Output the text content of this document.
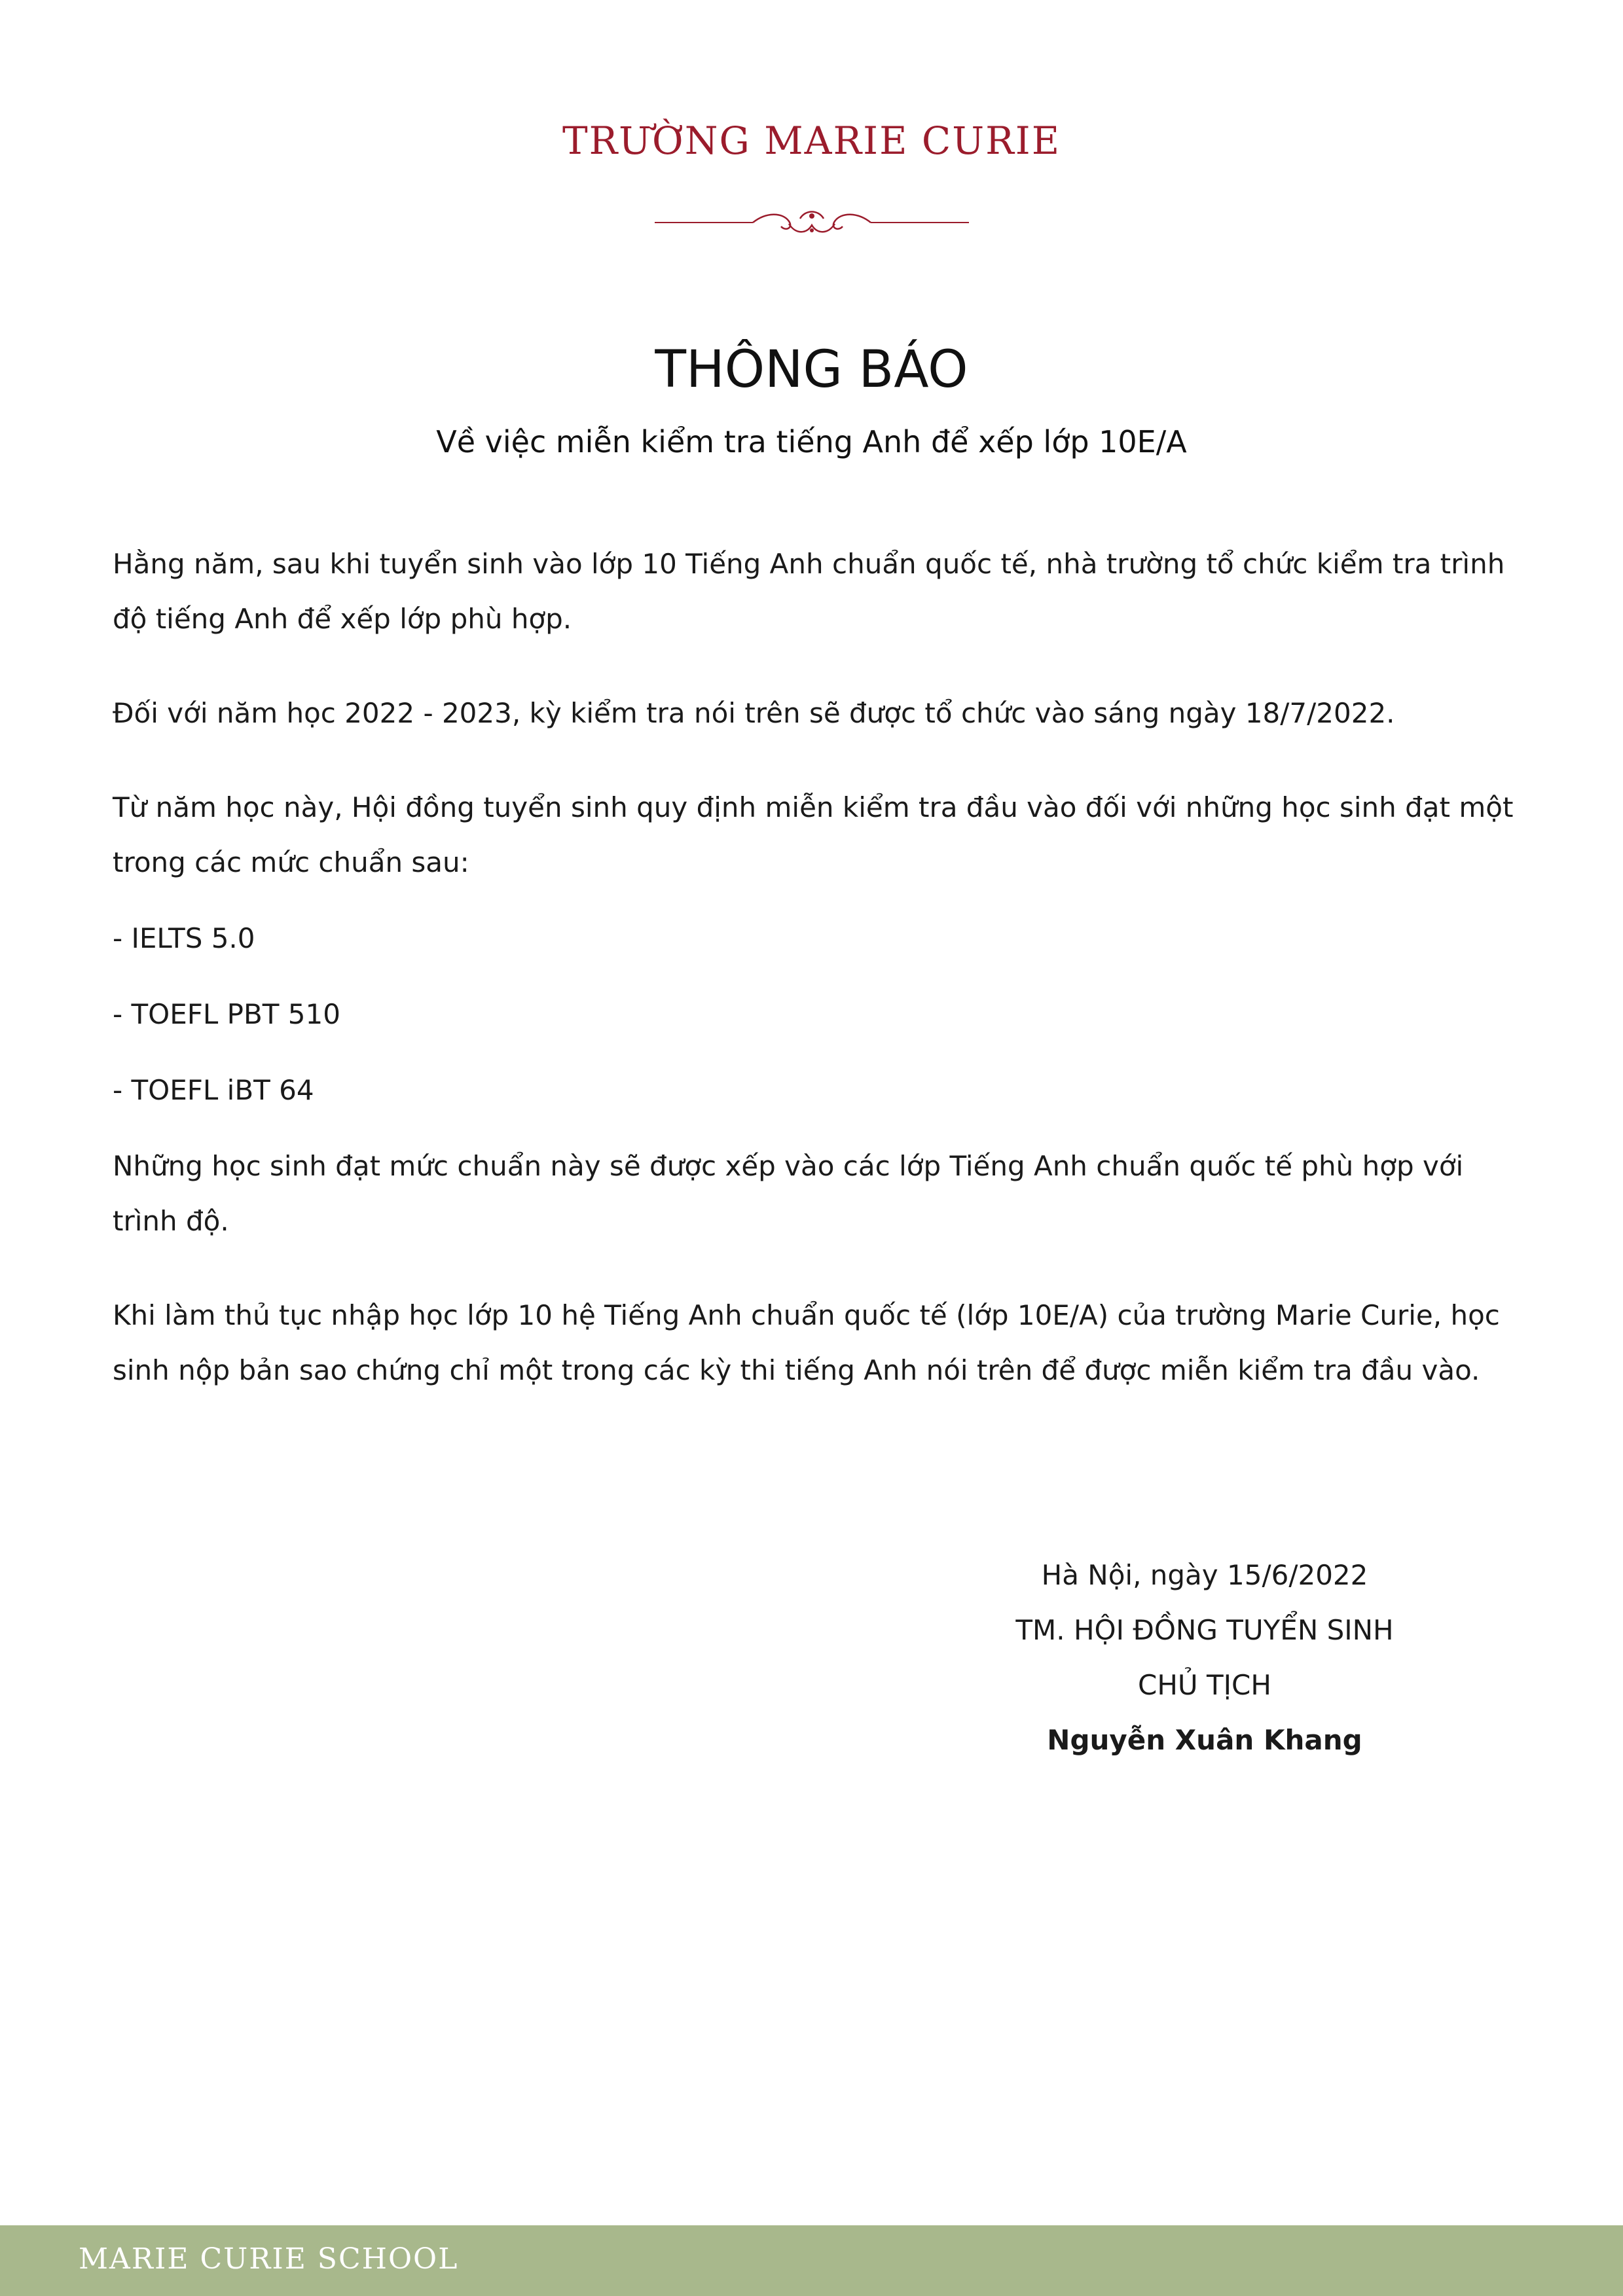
TRƯỜNG MARIE CURIE
THÔNG BÁO
Về việc miễn kiểm tra tiếng Anh để xếp lớp 10E/A

Hằng năm, sau khi tuyển sinh vào lớp 10 Tiếng Anh chuẩn quốc tế, nhà trường tổ chức kiểm tra trình độ tiếng Anh để xếp lớp phù hợp.

Đối với năm học 2022 - 2023, kỳ kiểm tra nói trên sẽ được tổ chức vào sáng ngày 18/7/2022.

Từ năm học này, Hội đồng tuyển sinh quy định miễn kiểm tra đầu vào đối với những học sinh đạt một trong các mức chuẩn sau:

- IELTS 5.0

- TOEFL PBT 510

- TOEFL iBT 64

Những học sinh đạt mức chuẩn này sẽ được xếp vào các lớp Tiếng Anh chuẩn quốc tế phù hợp với trình độ.

Khi làm thủ tục nhập học lớp 10 hệ Tiếng Anh chuẩn quốc tế (lớp 10E/A) của trường Marie Curie, học sinh nộp bản sao chứng chỉ một trong các kỳ thi tiếng Anh nói trên để được miễn kiểm tra đầu vào.

Hà Nội, ngày 15/6/2022
TM. HỘI ĐỒNG TUYỂN SINH
CHỦ TỊCH
Nguyễn Xuân Khang
MARIE CURIE SCHOOL
